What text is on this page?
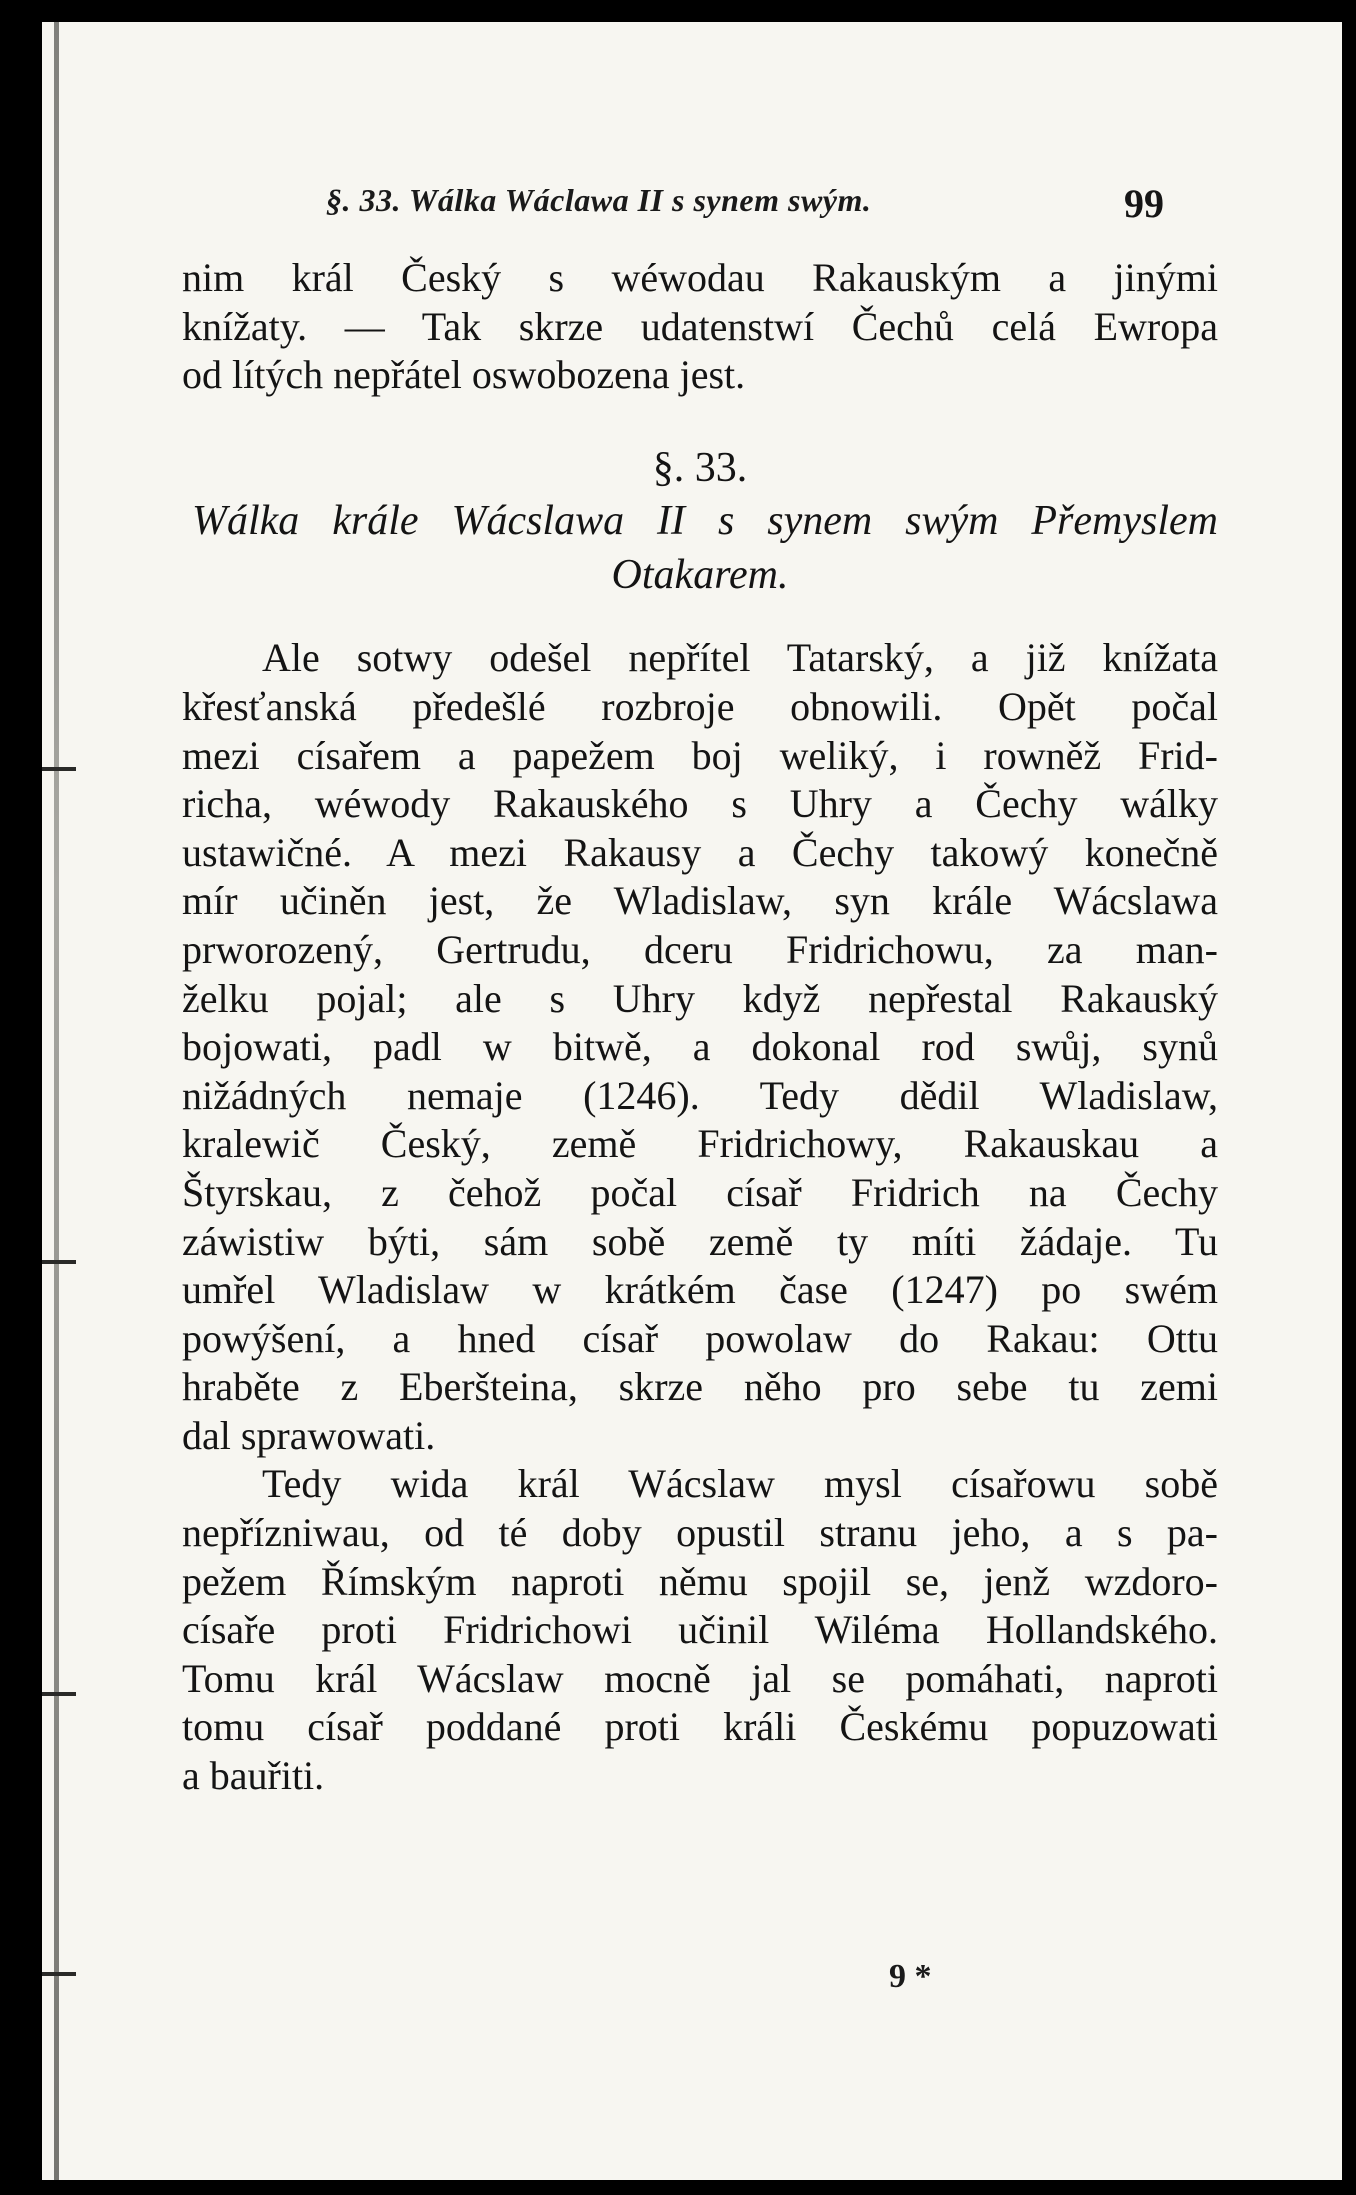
§. 33. Wálka Wáclawa II s synem swým.	99
nim král Český s wéwodau Rakauským a jinými
knížaty. — Tak skrze udatenstwí Čechů celá Ewropa
od lítých nepřátel oswobozena jest.
§. 33.
Wálka krále Wácslawa II s synem swým Přemyslem
Otakarem.
Ale sotwy odešel nepřítel Tatarský, a již knížata
křesťanská předešlé rozbroje obnowili. Opět počal
mezi císařem a papežem boj weliký, i rowněž Frid-
richa, wéwody Rakauského s Uhry a Čechy wálky
ustawičné. A mezi Rakausy a Čechy takowý konečně
mír učiněn jest, že Wladislaw, syn krále Wácslawa
prworozený, Gertrudu, dceru Fridrichowu, za man-
želku pojal; ale s Uhry když nepřestal Rakauský
bojowati, padl w bitwě, a dokonal rod swůj, synů
nižádných nemaje (1246). Tedy dědil Wladislaw,
kralewič Český, země Fridrichowy, Rakauskau a
Štyrskau, z čehož počal císař Fridrich na Čechy
záwistiw býti, sám sobě země ty míti žádaje. Tu
umřel Wladislaw w krátkém čase (1247) po swém
powýšení, a hned císař powolaw do Rakau: Ottu
hraběte z Eberšteina, skrze něho pro sebe tu zemi
dal sprawowati.
Tedy wida král Wácslaw mysl císařowu sobě
nepřízniwau, od té doby opustil stranu jeho, a s pa-
pežem Římským naproti němu spojil se, jenž wzdoro-
císaře proti Fridrichowi učinil Wiléma Hollandského.
Tomu král Wácslaw mocně jal se pomáhati, naproti
tomu císař poddané proti králi Českému popuzowati
a bauřiti.
9 *
